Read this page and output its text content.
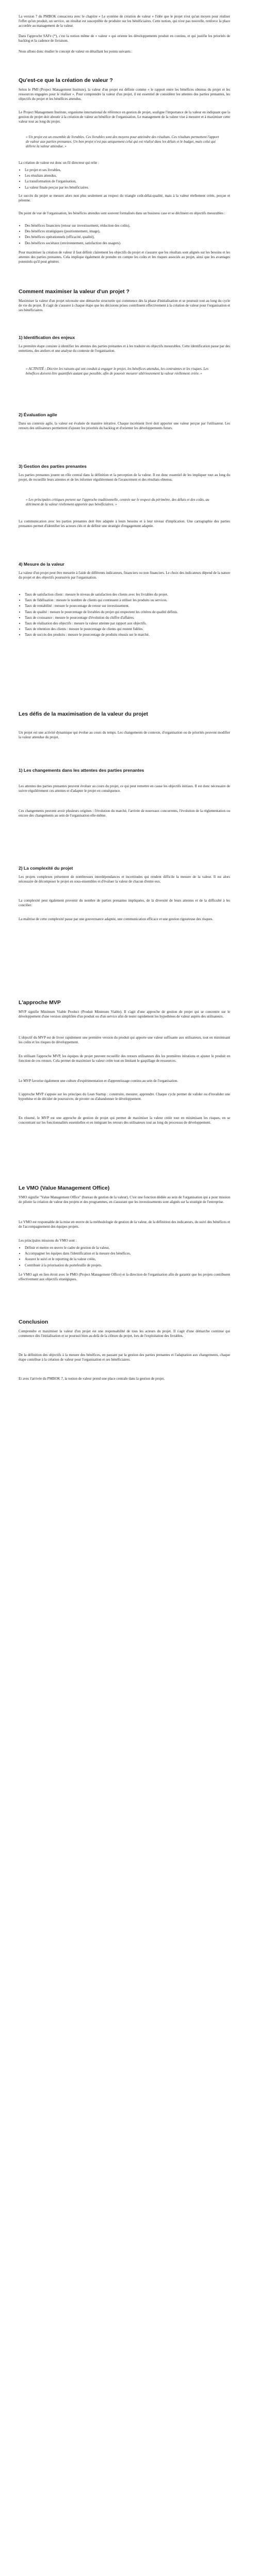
La version 7 du PMBOK consacrera avec le chapitre « Le système de création de valeur » l'idée que le projet n'est qu'un moyen pour réaliser l'effet qu'un produit, un service, un résultat est susceptible de produire sur les bénéficiaires. Cette notion, qui n'est pas nouvelle, renforce la place accordée au management de la valeur.

Dans l'approche SAFe (*), c'est la notion même de « valeur » qui oriente les développements produit en continu, et qui justifie les priorités de backlog et la cadence de livraison.

Nous allons donc étudier le concept de valeur en détaillant les points suivants :

Qu'est-ce que la création de valeur ?

Selon le PMI (Project Management Institute), la valeur d'un projet est définie comme « le rapport entre les bénéfices obtenus du projet et les ressources engagées pour le réaliser ». Pour comprendre la valeur d'un projet, il est essentiel de considérer les attentes des parties prenantes, les objectifs du projet et les bénéfices attendus.

Le Project Management Institute, organisme international de référence en gestion de projet, souligne l'importance de la valeur en indiquant que la gestion de projet doit aboutir à la création de valeur au bénéfice de l'organisation. Le management de la valeur vise à mesurer et à maximiser cette valeur tout au long du projet.

« Un projet est un ensemble de livrables. Ces livrables sont des moyens pour atteindre des résultats. Ces résultats permettent l'apport de valeur aux parties prenantes. Un bon projet n'est pas uniquement celui qui est réalisé dans les délais et le budget, mais celui qui délivre la valeur attendue. »

La création de valeur est donc un fil directeur qui relie :

• Le projet et ses livrables,
• Les résultats attendus,
• La transformation de l'organisation,
• La valeur finale perçue par les bénéficiaires.

Le succès du projet se mesure alors non plus seulement au respect du triangle coût-délai-qualité, mais à la valeur réellement créée, perçue et pérenne.

Du point de vue de l'organisation, les bénéfices attendus sont souvent formalisés dans un business case et se déclinent en objectifs mesurables :

• Des bénéfices financiers (retour sur investissement, réduction des coûts),
• Des bénéfices stratégiques (positionnement, image),
• Des bénéfices opérationnels (efficacité, qualité),
• Des bénéfices sociétaux (environnement, satisfaction des usagers).

Pour maximiser la création de valeur il faut définir clairement les objectifs du projet et s'assurer que les résultats sont alignés sur les besoins et les attentes des parties prenantes. Cela implique également de prendre en compte les coûts et les risques associés au projet, ainsi que les avantages potentiels qu'il peut générer.

Comment maximiser la valeur d'un projet ?

Maximiser la valeur d'un projet nécessite une démarche structurée qui commence dès la phase d'initialisation et se poursuit tout au long du cycle de vie du projet. Il s'agit de s'assurer à chaque étape que les décisions prises contribuent effectivement à la création de valeur pour l'organisation et ses bénéficiaires.

1) Identification des enjeux

La première étape consiste à identifier les attentes des parties prenantes et à les traduire en objectifs mesurables. Cette identification passe par des entretiens, des ateliers et une analyse du contexte de l'organisation.

« ACTIVITÉ : Décrire les raisons qui ont conduit à engager le projet, les bénéfices attendus, les contraintes et les risques. Les bénéfices doivent être quantifiés autant que possible, afin de pouvoir mesurer ultérieurement la valeur réellement créée. »

2) Évaluation agile

Dans un contexte agile, la valeur est évaluée de manière itérative. Chaque incrément livré doit apporter une valeur perçue par l'utilisateur. Les retours des utilisateurs permettent d'ajuster les priorités du backlog et d'orienter les développements futurs.

3) Gestion des parties prenantes

Les parties prenantes jouent un rôle central dans la définition et la perception de la valeur. Il est donc essentiel de les impliquer tout au long du projet, de recueillir leurs attentes et de les informer régulièrement de l'avancement et des résultats obtenus.

« Les principales critiques portent sur l'approche traditionnelle, centrée sur le respect du périmètre, des délais et des coûts, au détriment de la valeur réellement apportée aux bénéficiaires. »

La communication avec les parties prenantes doit être adaptée à leurs besoins et à leur niveau d'implication. Une cartographie des parties prenantes permet d'identifier les acteurs clés et de définir une stratégie d'engagement adaptée.

4) Mesure de la valeur

La valeur d'un projet peut être mesurée à l'aide de différents indicateurs, financiers ou non financiers. Le choix des indicateurs dépend de la nature du projet et des objectifs poursuivis par l'organisation.

• Taux de satisfaction client : mesure le niveau de satisfaction des clients avec les livrables du projet.
• Taux de fidélisation : mesure le nombre de clients qui continuent à utiliser les produits ou services.
• Taux de rentabilité : mesure le pourcentage de retour sur investissement.
• Taux de qualité : mesure le pourcentage de livrables du projet qui respectent les critères de qualité définis.
• Taux de croissance : mesure le pourcentage d'évolution du chiffre d'affaires.
• Taux de réalisation des objectifs : mesure la valeur atteinte par rapport aux objectifs.
• Taux de rétention des clients : mesure le pourcentage de clients qui restent fidèles.
• Taux de succès des produits : mesure le pourcentage de produits réussis sur le marché.
Les défis de la maximisation de la valeur du projet

Un projet est une activité dynamique qui évolue au cours du temps. Les changements de contexte, d'organisation ou de priorités peuvent modifier la valeur attendue du projet.

1) Les changements dans les attentes des parties prenantes

Les attentes des parties prenantes peuvent évoluer au cours du projet, ce qui peut remettre en cause les objectifs initiaux. Il est donc nécessaire de suivre régulièrement ces attentes et d'adapter le projet en conséquence.

Ces changements peuvent avoir plusieurs origines : l'évolution du marché, l'arrivée de nouveaux concurrents, l'évolution de la réglementation ou encore des changements au sein de l'organisation elle-même.

2) La complexité du projet

Les projets complexes présentent de nombreuses interdépendances et incertitudes qui rendent difficile la mesure de la valeur. Il est alors nécessaire de décomposer le projet en sous-ensembles et d'évaluer la valeur de chacun d'entre eux.

La complexité peut également provenir du nombre de parties prenantes impliquées, de la diversité de leurs attentes et de la difficulté à les concilier.

La maîtrise de cette complexité passe par une gouvernance adaptée, une communication efficace et une gestion rigoureuse des risques.

L'approche MVP

MVP signifie Minimum Viable Product (Produit Minimum Viable). Il s'agit d'une approche de gestion de projet qui se concentre sur le développement d'une version simplifiée d'un produit ou d'un service afin de tester rapidement les hypothèses de valeur auprès des utilisateurs.

L'objectif du MVP est de livrer rapidement une première version du produit qui apporte une valeur suffisante aux utilisateurs, tout en minimisant les coûts et les risques de développement.

En utilisant l'approche MVP, les équipes de projet peuvent recueillir des retours utilisateurs dès les premières itérations et ajuster le produit en fonction de ces retours. Cela permet de maximiser la valeur créée tout en limitant le gaspillage de ressources.

Le MVP favorise également une culture d'expérimentation et d'apprentissage continu au sein de l'organisation.

L'approche MVP s'appuie sur les principes du Lean Startup : construire, mesurer, apprendre. Chaque cycle permet de valider ou d'invalider une hypothèse et de décider de poursuivre, de pivoter ou d'abandonner le développement.

En résumé, le MVP est une approche de gestion de projet qui permet de maximiser la valeur créée tout en minimisant les risques, en se concentrant sur les fonctionnalités essentielles et en intégrant les retours des utilisateurs tout au long du processus de développement.

Le VMO (Value Management Office)

VMO signifie "Value Management Office" (bureau de gestion de la valeur). C'est une fonction dédiée au sein de l'organisation qui a pour mission de piloter la création de valeur des projets et des programmes, en s'assurant que les investissements sont alignés sur la stratégie de l'entreprise.

Le VMO est responsable de la mise en œuvre de la méthodologie de gestion de la valeur, de la définition des indicateurs, du suivi des bénéfices et de l'accompagnement des équipes projets.

Les principales missions du VMO sont :

• Définir et mettre en œuvre le cadre de gestion de la valeur,
• Accompagner les équipes dans l'identification et la mesure des bénéfices,
• Assurer le suivi et le reporting de la valeur créée,
• Contribuer à la priorisation du portefeuille de projets.

Le VMO agit en lien étroit avec le PMO (Project Management Office) et la direction de l'organisation afin de garantir que les projets contribuent effectivement aux objectifs stratégiques.

Conclusion

Comprendre et maximiser la valeur d'un projet est une responsabilité de tous les acteurs du projet. Il s'agit d'une démarche continue qui commence dès l'initialisation et se poursuit bien au-delà de la clôture du projet, lors de l'exploitation des livrables.

De la définition des objectifs à la mesure des bénéfices, en passant par la gestion des parties prenantes et l'adaptation aux changements, chaque étape contribue à la création de valeur pour l'organisation et ses bénéficiaires.

Et avec l'arrivée du PMBOK 7, la notion de valeur prend une place centrale dans la gestion de projet.
